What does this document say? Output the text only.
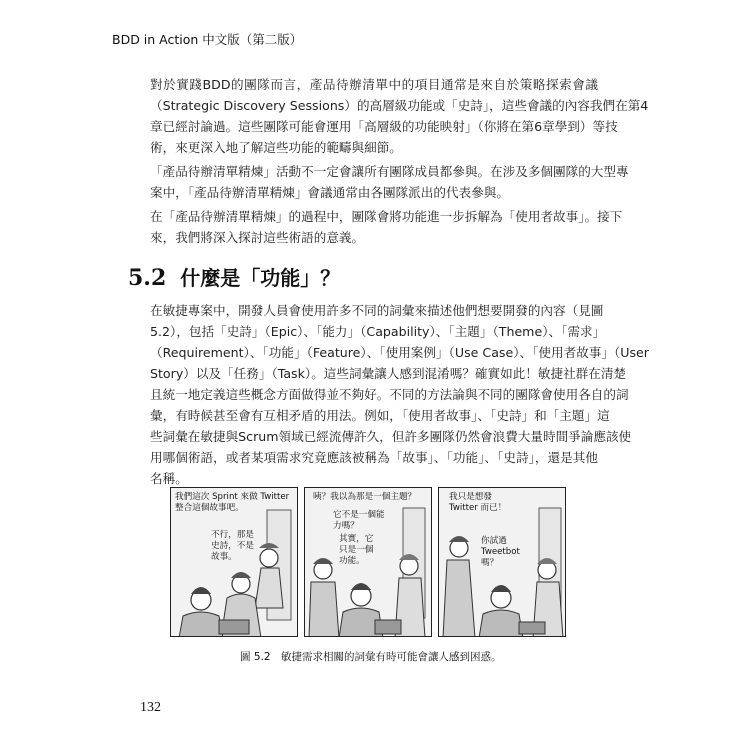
BDD in Action 中文版（第二版）
對於實踐BDD的團隊而言，產品待辦清單中的項目通常是來自於策略探索會議
（Strategic Discovery Sessions）的高層級功能或「史詩」，這些會議的內容我們在第4
章已經討論過。這些團隊可能會運用「高層級的功能映射」（你將在第6章學到）等技
術，來更深入地了解這些功能的範疇與細節。
「產品待辦清單精煉」活動不一定會讓所有團隊成員都參與。在涉及多個團隊的大型專
案中，「產品待辦清單精煉」會議通常由各團隊派出的代表參與。
在「產品待辦清單精煉」的過程中，團隊會將功能進一步拆解為「使用者故事」。接下
來，我們將深入探討這些術語的意義。
5.2 什麼是「功能」？
在敏捷專案中，開發人員會使用許多不同的詞彙來描述他們想要開發的內容（見圖
5.2），包括「史詩」（Epic）、「能力」（Capability）、「主題」（Theme）、「需求」
（Requirement）、「功能」（Feature）、「使用案例」（Use Case）、「使用者故事」（User
Story）以及「任務」（Task）。這些詞彙讓人感到混淆嗎？確實如此！敏捷社群在清楚
且統一地定義這些概念方面做得並不夠好。不同的方法論與不同的團隊會使用各自的詞
彙，有時候甚至會有互相矛盾的用法。例如，「使用者故事」、「史詩」和「主題」這
些詞彙在敏捷與Scrum領域已經流傳許久，但許多團隊仍然會浪費大量時間爭論應該使
用哪個術語，或者某項需求究竟應該被稱為「故事」、「功能」、「史詩」，還是其他
名稱。
我們這次 Sprint 來做 Twitter
整合這個故事吧。
不行，那是
史詩，不是
故事。
咦？我以為那是一個主題？
它不是一個能
力嗎？
其實，它
只是一個
功能。
我只是想發
Twitter 而已！
你試過
Tweetbot
嗎？
圖 5.2　敏捷需求相關的詞彙有時可能會讓人感到困惑。
132
